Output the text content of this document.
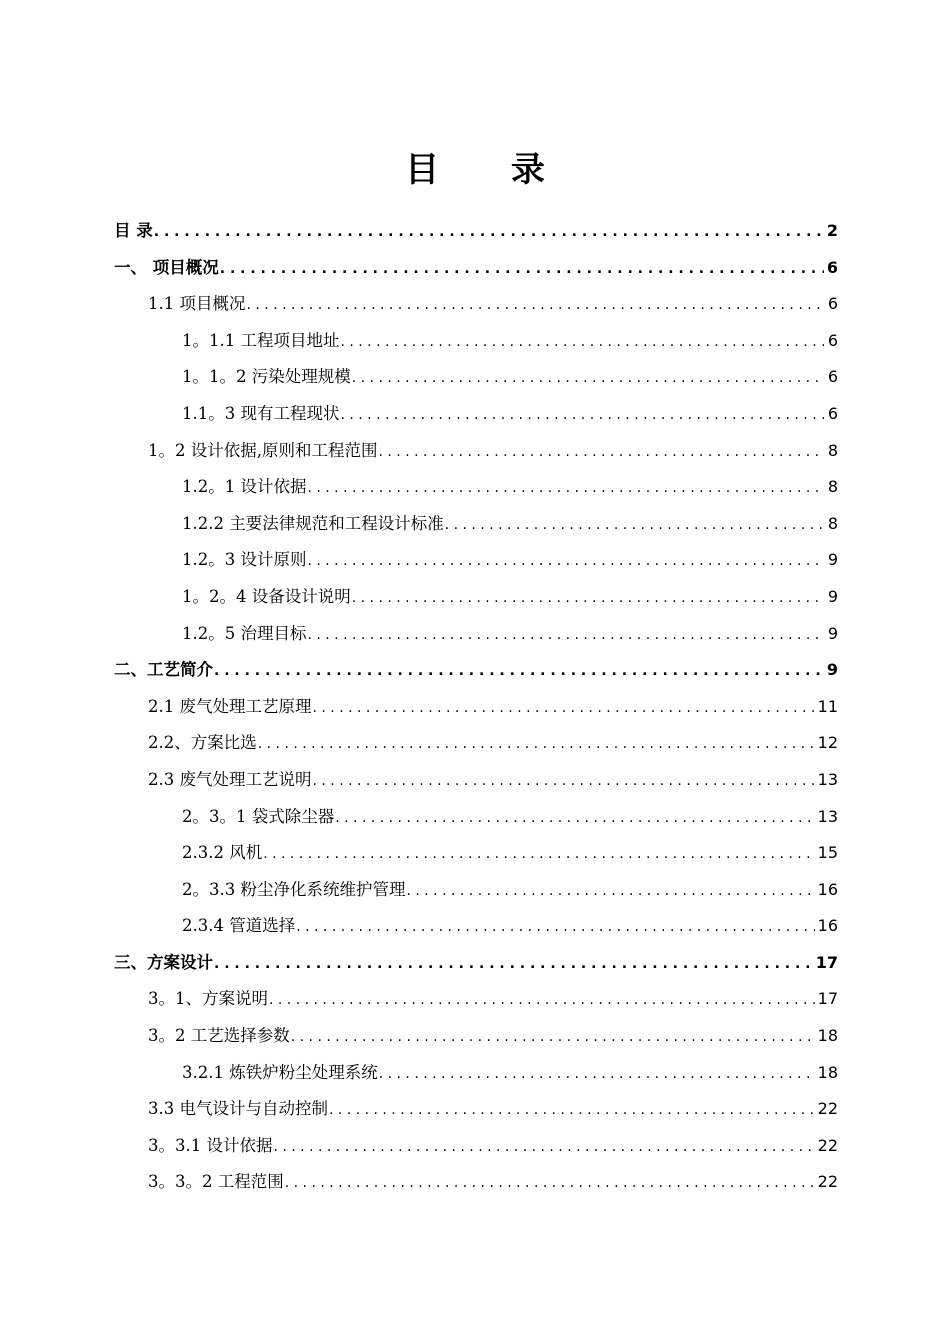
目 录
目 录 . . .	2
一、 项目概况 . . .	6
1.1 项目概况 . . .	6
1。1.1 工程项目地址 . . .	6
1。1。2 污染处理规模 . . .	6
1.1。3 现有工程现状 . . .	6
1。2 设计依据,原则和工程范围 . . .	8
1.2。1 设计依据 . . .	8
1.2.2 主要法律规范和工程设计标准 . . .	8
1.2。3 设计原则 . . .	9
1。2。4 设备设计说明 . . .	9
1.2。5 治理目标 . . .	9
二、工艺简介 . . .	9
2.1 废气处理工艺原理 . . .	11
2.2、方案比选 . . .	12
2.3 废气处理工艺说明 . . .	13
2。3。1 袋式除尘器 . . .	13
2.3.2 风机 . . .	15
2。3.3 粉尘净化系统维护管理 . . .	16
2.3.4 管道选择 . . .	16
三、方案设计 . . .	17
3。1、方案说明 . . .	17
3。2 工艺选择参数 . . .	18
3.2.1 炼铁炉粉尘处理系统 . . .	18
3.3 电气设计与自动控制 . . .	22
3。3.1 设计依据 . . .	22
3。3。2 工程范围 . . .	22
